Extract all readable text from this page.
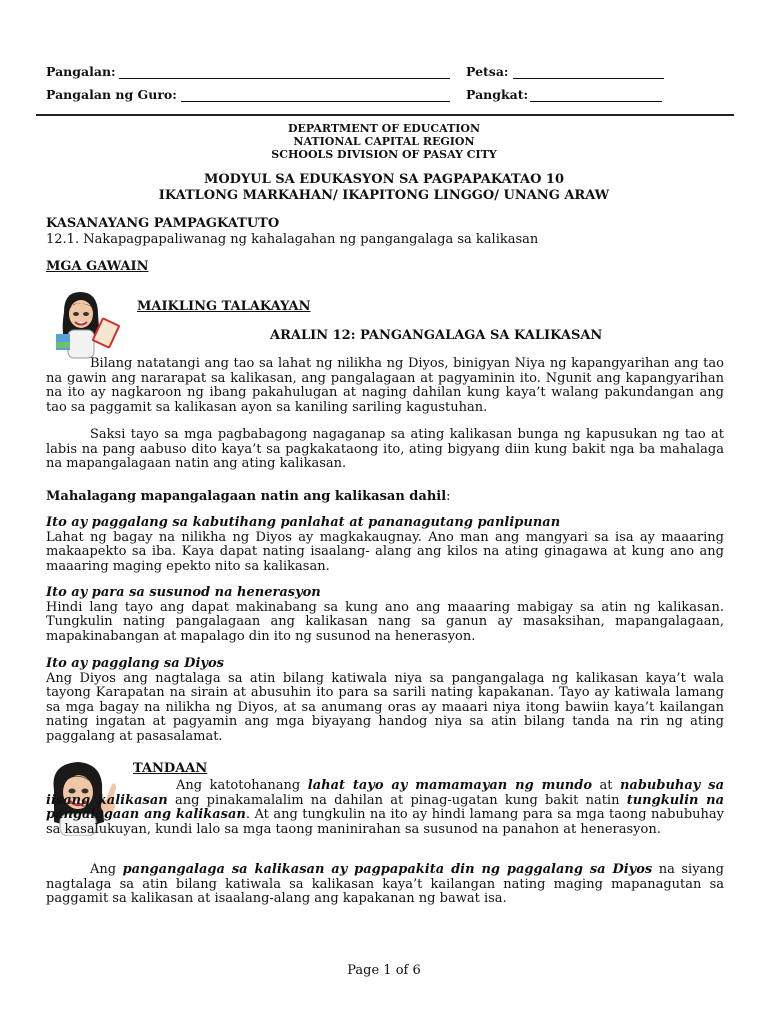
Pangalan:	Petsa:
Pangalan ng Guro:	Pangkat:
DEPARTMENT OF EDUCATION
NATIONAL CAPITAL REGION
SCHOOLS DIVISION OF PASAY CITY
MODYUL SA EDUKASYON SA PAGPAPAKATAO 10
IKATLONG MARKAHAN/ IKAPITONG LINGGO/ UNANG ARAW
KASANAYANG PAMPAGKATUTO
12.1. Nakapagpapaliwanag ng kahalagahan ng pangangalaga sa kalikasan
MGA GAWAIN
MAIKLING TALAKAYAN
ARALIN 12: PANGANGALAGA SA KALIKASAN

Bilang natatangi ang tao sa lahat ng nilikha ng Diyos, binigyan Niya ng kapangyarihan ang tao na gawin ang nararapat sa kalikasan, ang pangalagaan at pagyaminin ito. Ngunit ang kapangyarihan na ito ay nagkaroon ng ibang pakahulugan at naging dahilan kung kaya’t walang pakundangan ang tao sa paggamit sa kalikasan ayon sa kaniling sariling kagustuhan.

Saksi tayo sa mga pagbabagong nagaganap sa ating kalikasan bunga ng kapusukan ng tao at labis na pang aabuso dito kaya’t sa pagkakataong ito, ating bigyang diin kung bakit nga ba mahalaga na mapangalagaan natin ang ating kalikasan.

Mahalagang mapangalagaan natin ang kalikasan dahil:

Ito ay paggalang sa kabutihang panlahat at pananagutang panlipunan

Lahat ng bagay na nilikha ng Diyos ay magkakaugnay. Ano man ang mangyari sa isa ay maaaring makaapekto sa iba. Kaya dapat nating isaalang- alang ang kilos na ating ginagawa at kung ano ang maaaring maging epekto nito sa kalikasan.

Ito ay para sa susunod na henerasyon

Hindi lang tayo ang dapat makinabang sa kung ano ang maaaring mabigay sa atin ng kalikasan. Tungkulin nating pangalagaan ang kalikasan nang sa ganun ay masaksihan, mapangalagaan, mapakinabangan at mapalago din ito ng susunod na henerasyon.

Ito ay pagglang sa Diyos

Ang Diyos ang nagtalaga sa atin bilang katiwala niya sa pangangalaga ng kalikasan kaya’t wala tayong Karapatan na sirain at abusuhin ito para sa sarili nating kapakanan. Tayo ay katiwala lamang sa mga bagay na nilikha ng Diyos, at sa anumang oras ay maaari niya itong bawiin kaya’t kailangan nating ingatan at pagyamin ang mga biyayang handog niya sa atin bilang tanda na rin ng ating paggalang at pasasalamat.

TANDAAN

Ang katotohanang lahat tayo ay mamamayan ng mundo at nabubuhay sa iisang kalikasan ang pinakamalalim na dahilan at pinag-ugatan kung bakit natin tungkulin na pangalagaan ang kalikasan. At ang tungkulin na ito ay hindi lamang para sa mga taong nabubuhay sa kasalukuyan, kundi lalo sa mga taong maninirahan sa susunod na panahon at henerasyon.

Ang pangangalaga sa kalikasan ay pagpapakita din ng paggalang sa Diyos na siyang nagtalaga sa atin bilang katiwala sa kalikasan kaya’t kailangan nating maging mapanagutan sa paggamit sa kalikasan at isaalang-alang ang kapakanan ng bawat isa.

Page 1 of 6
